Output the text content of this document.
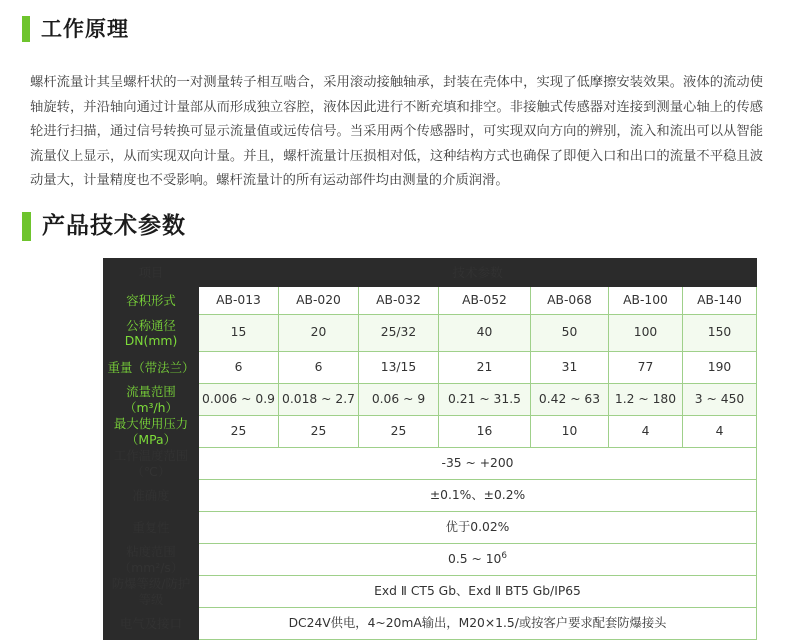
工作原理

螺杆流量计其呈螺杆状的一对测量转子相互啮合，采用滚动接触轴承，封装在壳体中，实现了低摩擦安装效果。液体的流动使轴旋转，并沿轴向通过计量部从而形成独立容腔，液体因此进行不断充填和排空。非接触式传感器对连接到测量心轴上的传感轮进行扫描，通过信号转换可显示流量值或远传信号。当采用两个传感器时，可实现双向方向的辨别，流入和流出可以从智能流量仪上显示，从而实现双向计量。并且，螺杆流量计压损相对低，这种结构方式也确保了即便入口和出口的流量不平稳且波动量大，计量精度也不受影响。螺杆流量计的所有运动部件均由测量的介质润滑。

产品技术参数
项目	技术参数						
容积形式	AB-013	AB-020	AB-032	AB-052	AB-068	AB-100	AB-140
公称通径
DN(mm)	15	20	25/32	40	50	100	150
重量（带法兰）	6	6	13/15	21	31	77	190
流量范围（m³/h）	0.006 ~ 0.9	0.018 ~ 2.7	0.06 ~ 9	0.21 ~ 31.5	0.42 ~ 63	1.2 ~ 180	3 ~ 450
最大使用压力（MPa）	25	25	25	16	10	4	4
工作温度范围（℃）	-35 ~ +200						
准确度	±0.1%、±0.2%						
重复性	优于0.02%						
粘度范围（mm²/s）	0.5 ~ $10^6$
防爆等级/防护等级	Exd Ⅱ CT5 Gb、Exd Ⅱ BT5 Gb/IP65						
电气及接口	DC24V供电，4~20mA输出，M20×1.5/或按客户要求配套防爆接头						
